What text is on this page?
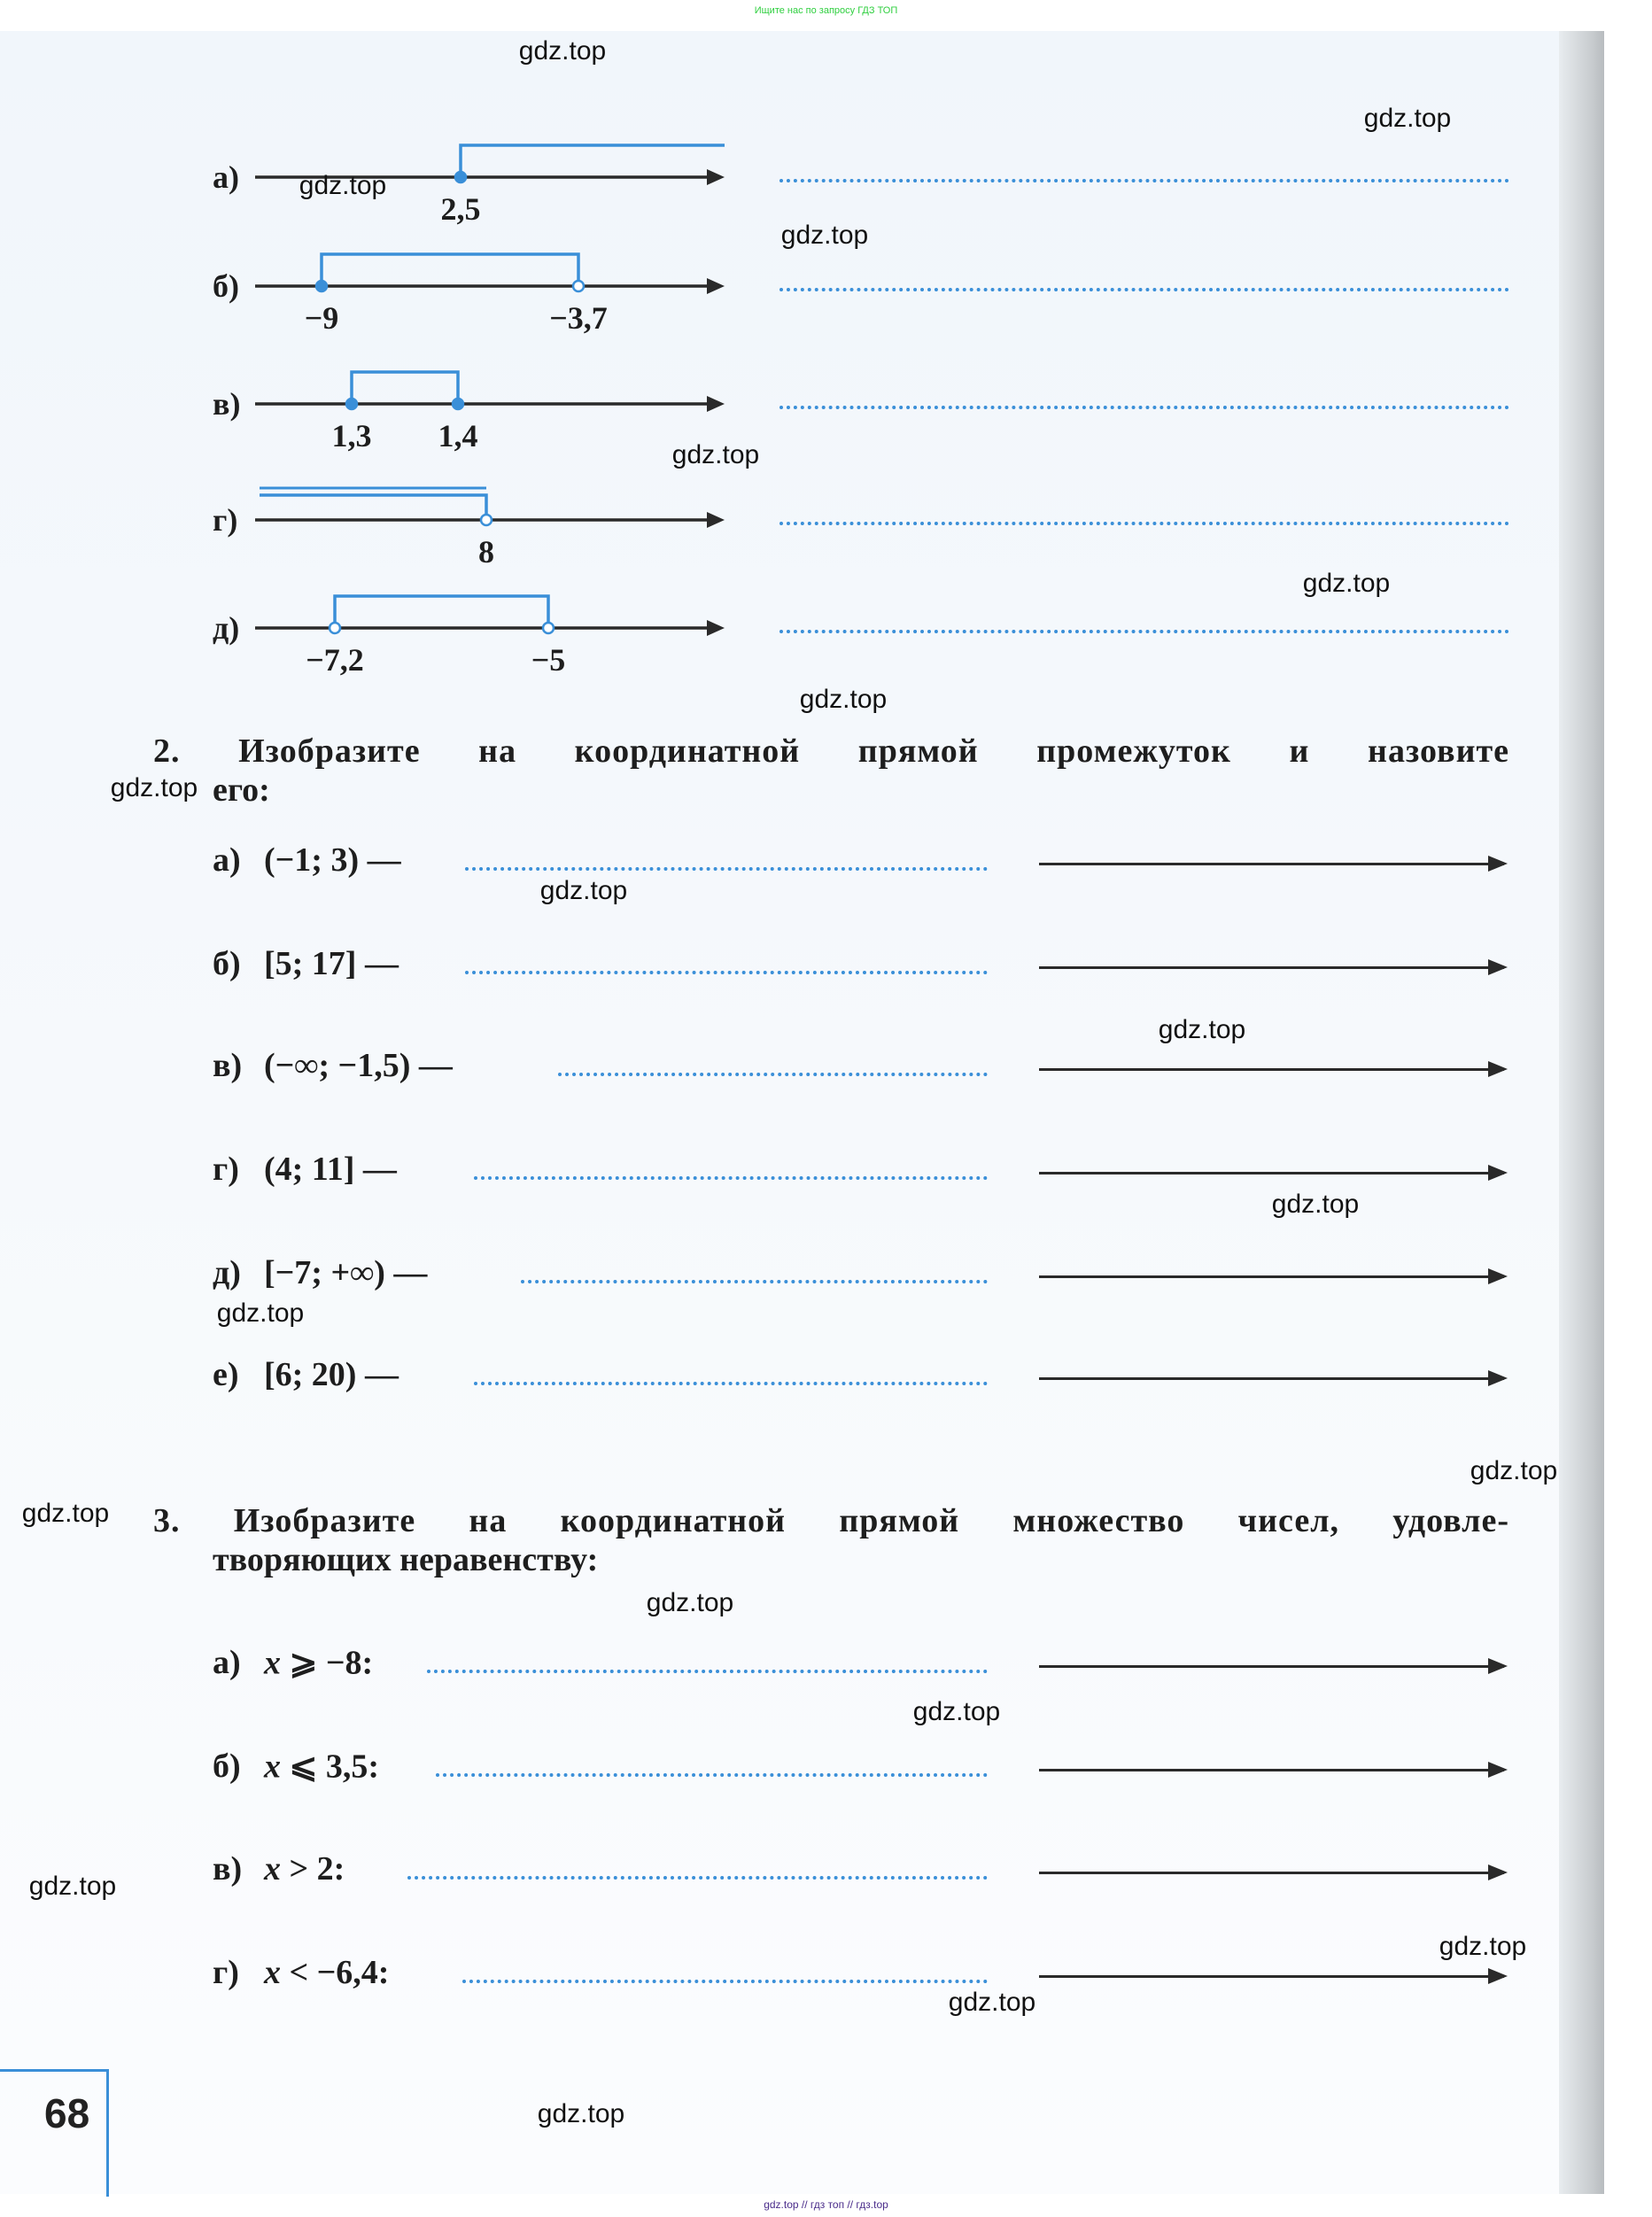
Ищите нас по запросу ГДЗ ТОП
а)
2,5
б)
−9	−3,7
в)
1,3 1,4
г)
8
д)
−7,2	−5
2. Изобразите на координатной прямой промежуток и назовите
его:
а) (−1; 3) —
б) [5; 17] —
в) (−∞; −1,5) —
г) (4; 11] —
д) [−7; +∞) —
е) [6; 20) —
3. Изобразите на координатной прямой множество чисел, удовле-
творяющих неравенству:
а) x ⩾ −8:
б) x ⩽ 3,5:
в) x > 2:
г) x < −6,4:
68
gdz.top // гдз топ // гдз.top
gdz.top
gdz.top
gdz.top
gdz.top
gdz.top
gdz.top
gdz.top
gdz.top
gdz.top
gdz.top
gdz.top
gdz.top
gdz.top
gdz.top
gdz.top
gdz.top
gdz.top
gdz.top
gdz.top
gdz.top
